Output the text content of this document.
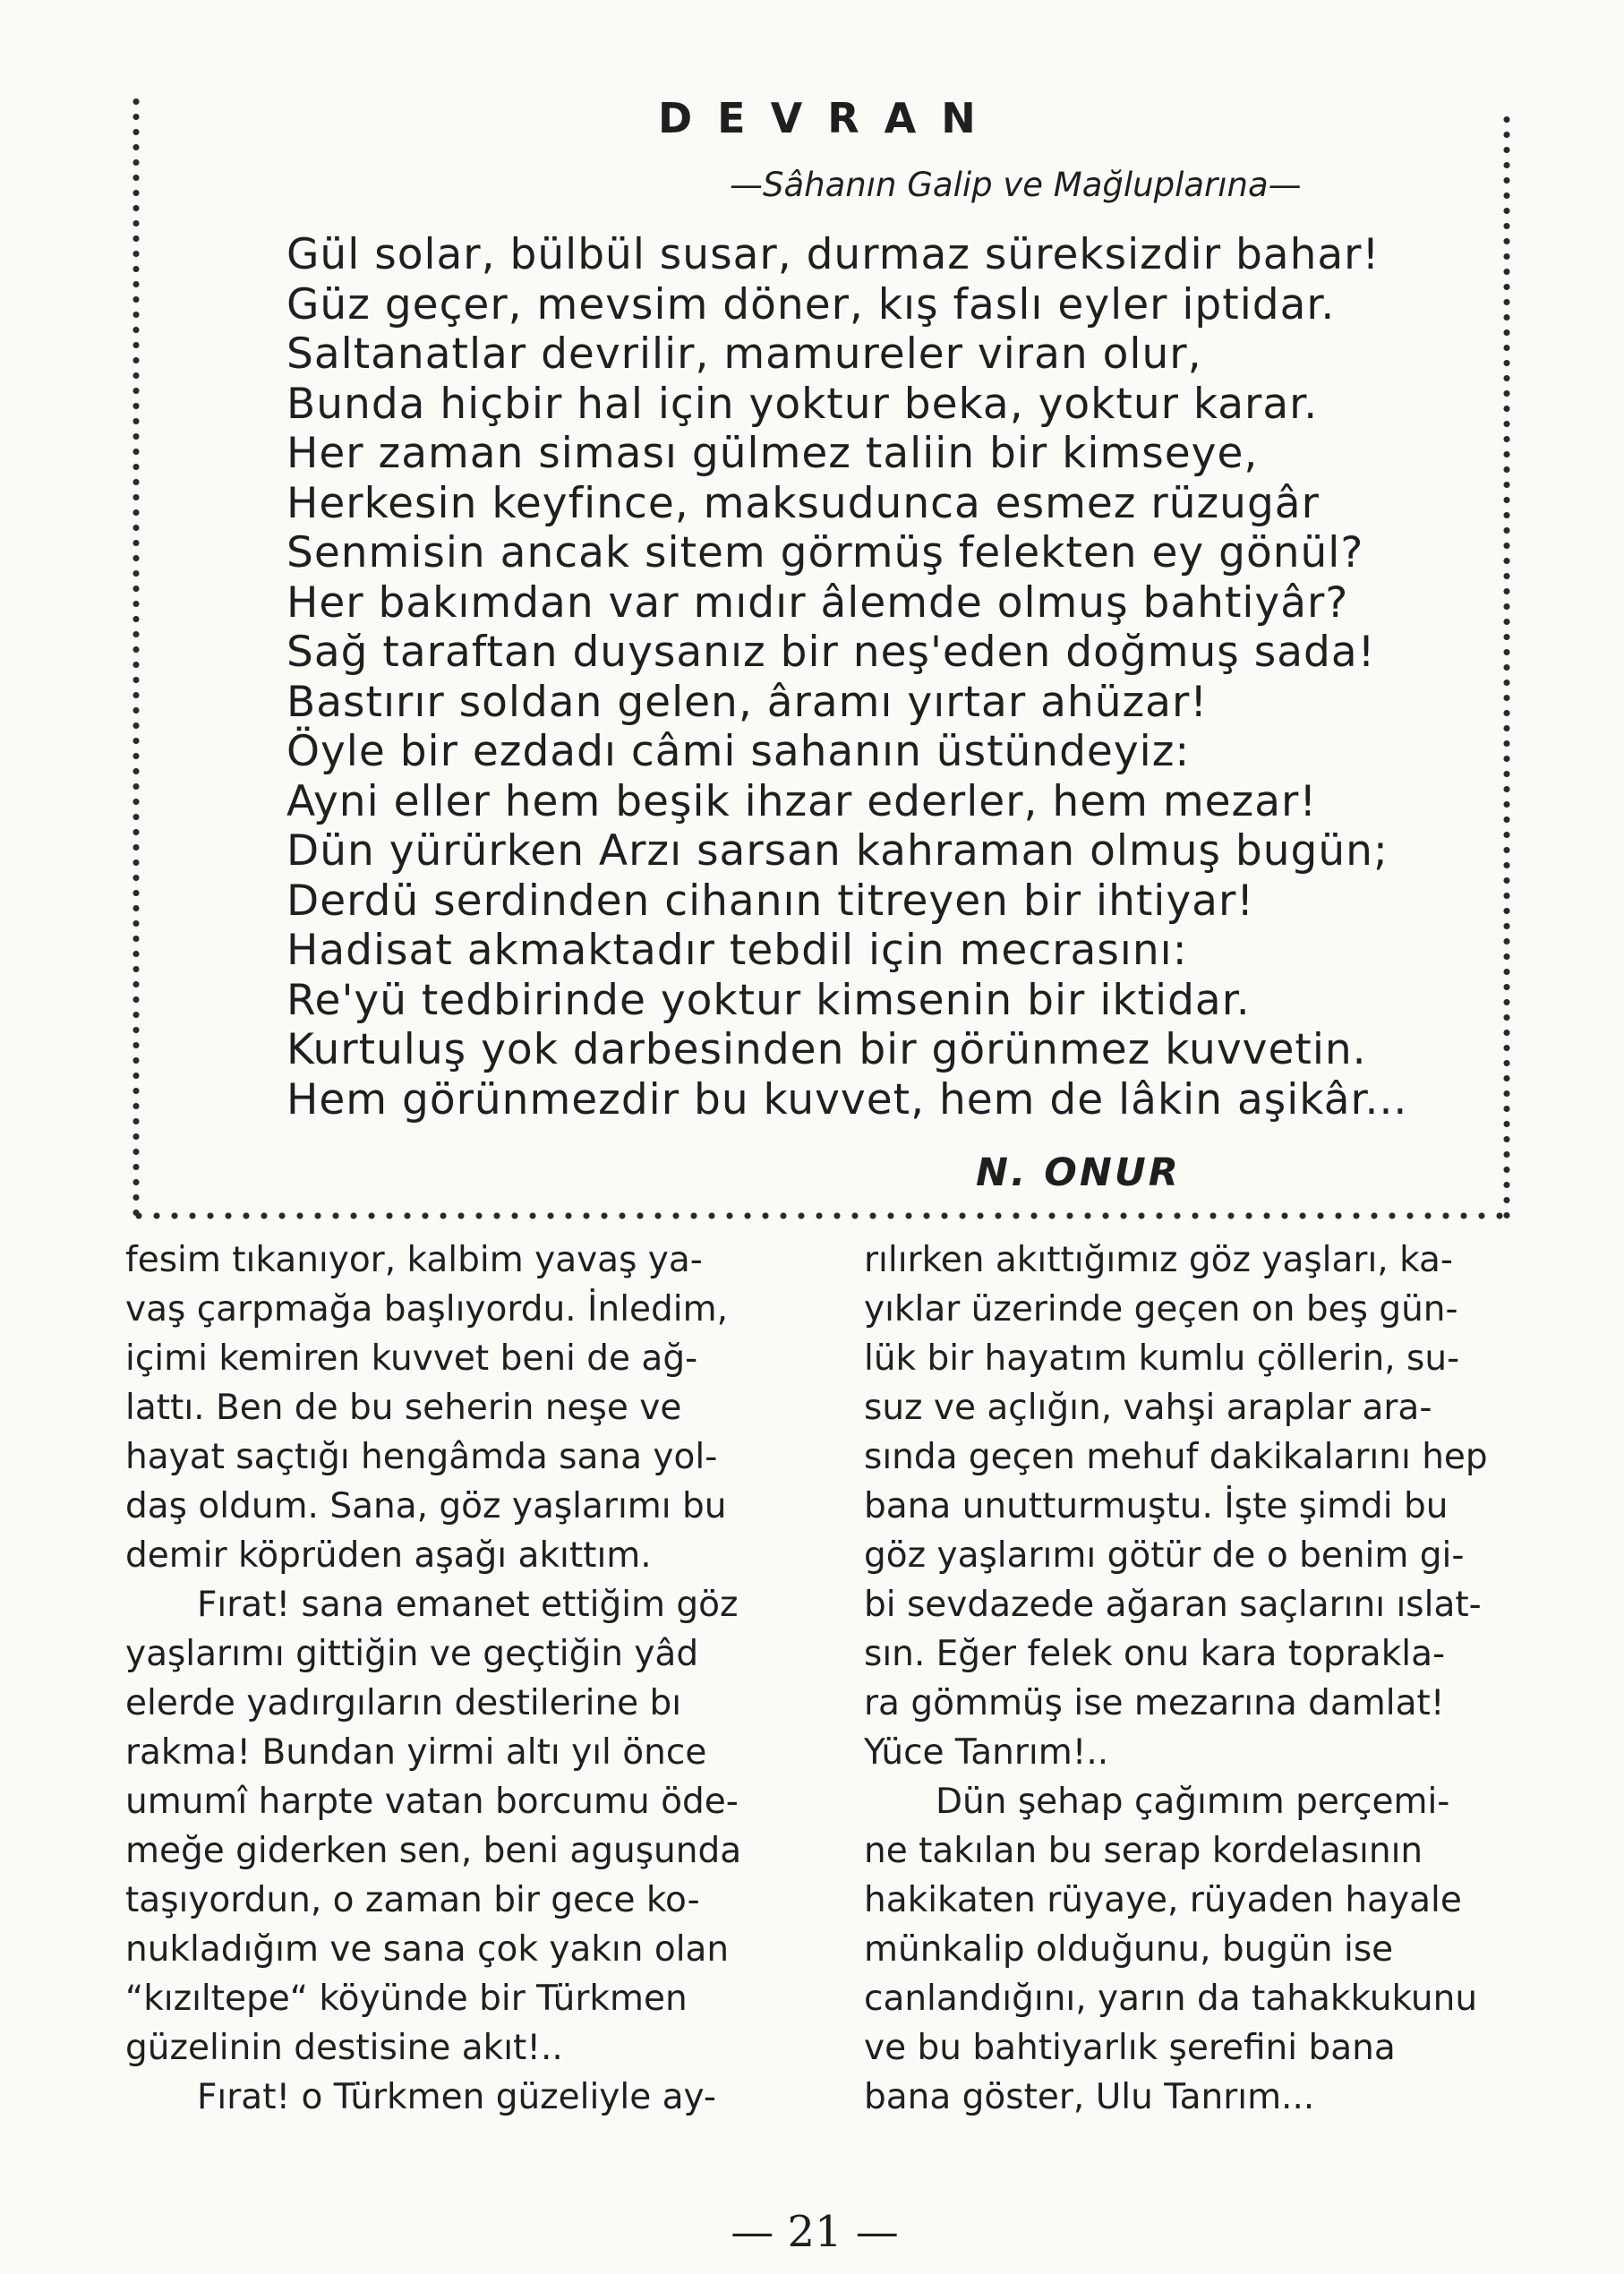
DEVRAN

—Sâhanın Galip ve Mağluplarına—

Gül solar, bülbül susar, durmaz süreksizdir bahar!
Güz geçer, mevsim döner, kış faslı eyler iptidar.
Saltanatlar devrilir, mamureler viran olur,
Bunda hiçbir hal için yoktur beka, yoktur karar.
Her zaman siması gülmez taliin bir kimseye,
Herkesin keyfince, maksudunca esmez rüzugâr
Senmisin ancak sitem görmüş felekten ey gönül?
Her bakımdan var mıdır âlemde olmuş bahtiyâr?
Sağ taraftan duysanız bir neş'eden doğmuş sada!
Bastırır soldan gelen, âramı yırtar ahüzar!
Öyle bir ezdadı câmi sahanın üstündeyiz:
Ayni eller hem beşik ihzar ederler, hem mezar!
Dün yürürken Arzı sarsan kahraman olmuş bugün;
Derdü serdinden cihanın titreyen bir ihtiyar!
Hadisat akmaktadır tebdil için mecrasını:
Re'yü tedbirinde yoktur kimsenin bir iktidar.
Kurtuluş yok darbesinden bir görünmez kuvvetin.
Hem görünmezdir bu kuvvet, hem de lâkin aşikâr...

N. ONUR

fesim tıkanıyor, kalbim yavaş ya-

vaş çarpmağa başlıyordu. İnledim,

içimi kemiren kuvvet beni de ağ-

lattı. Ben de bu seherin neşe ve

hayat saçtığı hengâmda sana yol-

daş oldum. Sana, göz yaşlarımı bu

demir köprüden aşağı akıttım.

Fırat! sana emanet ettiğim göz

yaşlarımı gittiğin ve geçtiğin yâd

elerde yadırgıların destilerine bı

rakma! Bundan yirmi altı yıl önce

umumî harpte vatan borcumu öde-

meğe giderken sen, beni aguşunda

taşıyordun, o zaman bir gece ko-

nukladığım ve sana çok yakın olan

“kızıltepe“ köyünde bir Türkmen

güzelinin destisine akıt!..

Fırat! o Türkmen güzeliyle ay-

rılırken akıttığımız göz yaşları, ka-

yıklar üzerinde geçen on beş gün-

lük bir hayatım kumlu çöllerin, su-

suz ve açlığın, vahşi araplar ara-

sında geçen mehuf dakikalarını hep

bana unutturmuştu. İşte şimdi bu

göz yaşlarımı götür de o benim gi-

bi sevdazede ağaran saçlarını ıslat-

sın. Eğer felek onu kara toprakla-

ra gömmüş ise mezarına damlat!

Yüce Tanrım!..

Dün şehap çağımım perçemi-

ne takılan bu serap kordelasının

hakikaten rüyaye, rüyaden hayale

münkalip olduğunu, bugün ise

canlandığını, yarın da tahakkukunu

ve bu bahtiyarlık şerefini bana

bana göster, Ulu Tanrım...

— 21 —
